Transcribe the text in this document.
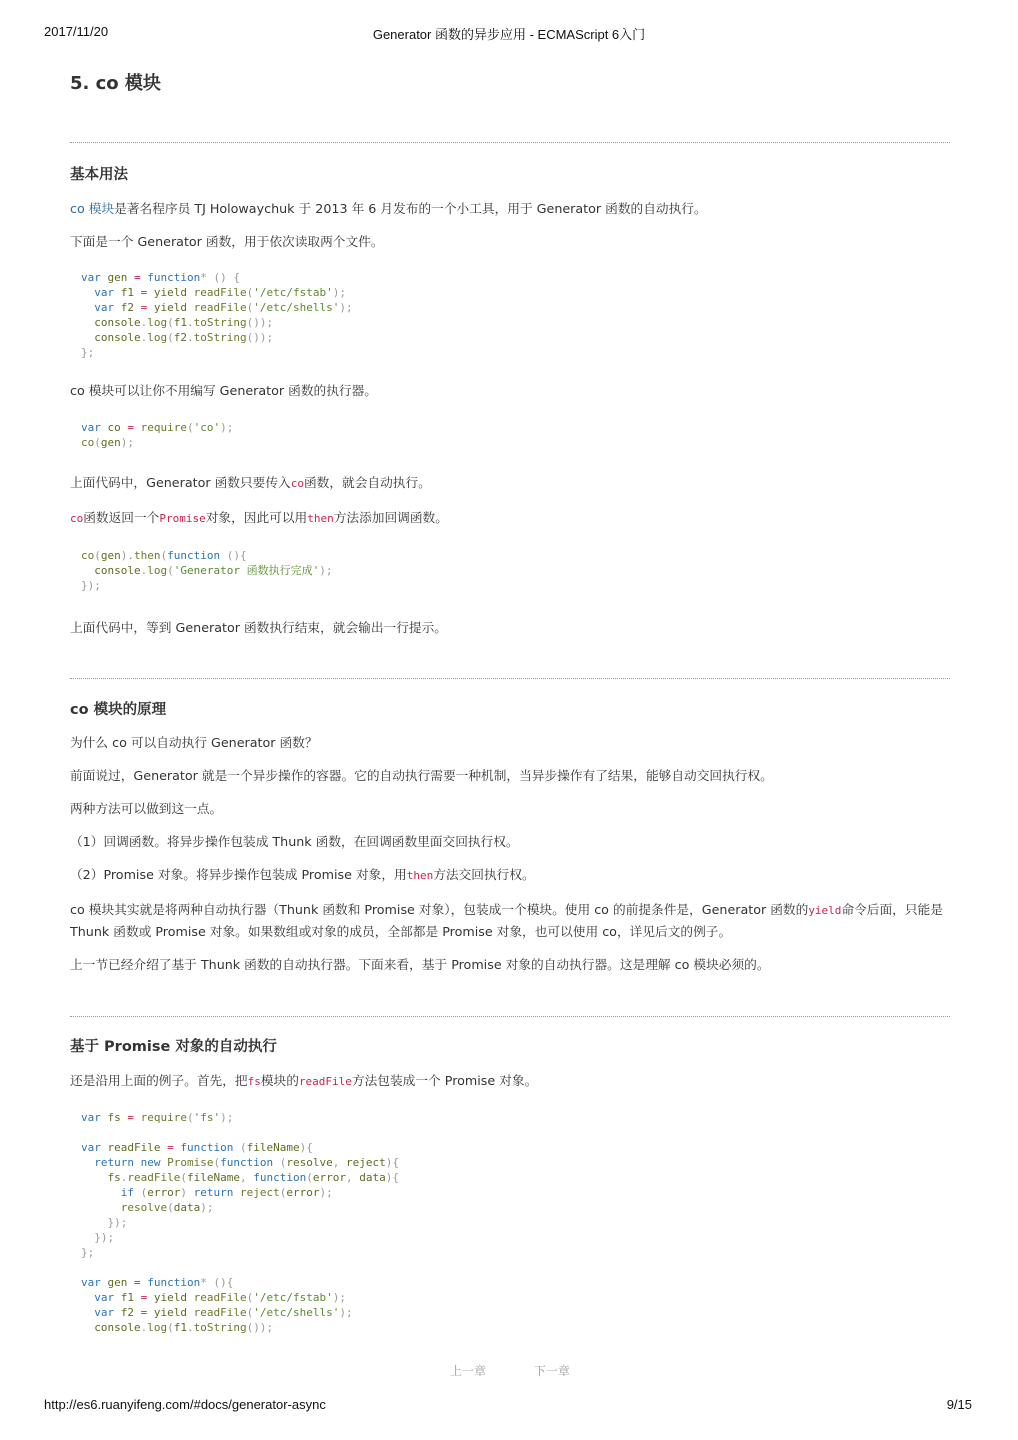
2017/11/20	Generator 函数的异步应用 - ECMAScript 6入门
5. co 模块
基本用法

co 模块是著名程序员 TJ Holowaychuk 于 2013 年 6 月发布的一个小工具，用于 Generator 函数的自动执行。

下面是一个 Generator 函数，用于依次读取两个文件。

var gen = function* () {
var f1 = yield readFile('/etc/fstab');
var f2 = yield readFile('/etc/shells');
console.log(f1.toString());
console.log(f2.toString());
};

co 模块可以让你不用编写 Generator 函数的执行器。

var co = require('co');
co(gen);

上面代码中，Generator 函数只要传入co函数，就会自动执行。

co函数返回一个Promise对象，因此可以用then方法添加回调函数。

co(gen).then(function (){
console.log('Generator 函数执行完成');
});

上面代码中，等到 Generator 函数执行结束，就会输出一行提示。

co 模块的原理

为什么 co 可以自动执行 Generator 函数？

前面说过，Generator 就是一个异步操作的容器。它的自动执行需要一种机制，当异步操作有了结果，能够自动交回执行权。

两种方法可以做到这一点。

（1）回调函数。将异步操作包装成 Thunk 函数，在回调函数里面交回执行权。

（2）Promise 对象。将异步操作包装成 Promise 对象，用then方法交回执行权。

co 模块其实就是将两种自动执行器（Thunk 函数和 Promise 对象），包装成一个模块。使用 co 的前提条件是，Generator 函数的yield命令后面，只能是 Thunk 函数或 Promise 对象。如果数组或对象的成员，全部都是 Promise 对象，也可以使用 co，详见后文的例子。

上一节已经介绍了基于 Thunk 函数的自动执行器。下面来看，基于 Promise 对象的自动执行器。这是理解 co 模块必须的。

基于 Promise 对象的自动执行

还是沿用上面的例子。首先，把fs模块的readFile方法包装成一个 Promise 对象。

var fs = require('fs');

var readFile = function (fileName){
return new Promise(function (resolve, reject){
fs.readFile(fileName, function(error, data){
if (error) return reject(error);
resolve(data);
});
});
};

var gen = function* (){
var f1 = yield readFile('/etc/fstab');
var f2 = yield readFile('/etc/shells');
console.log(f1.toString());
上一章	下一章
http://es6.ruanyifeng.com/#docs/generator-async	9/15
